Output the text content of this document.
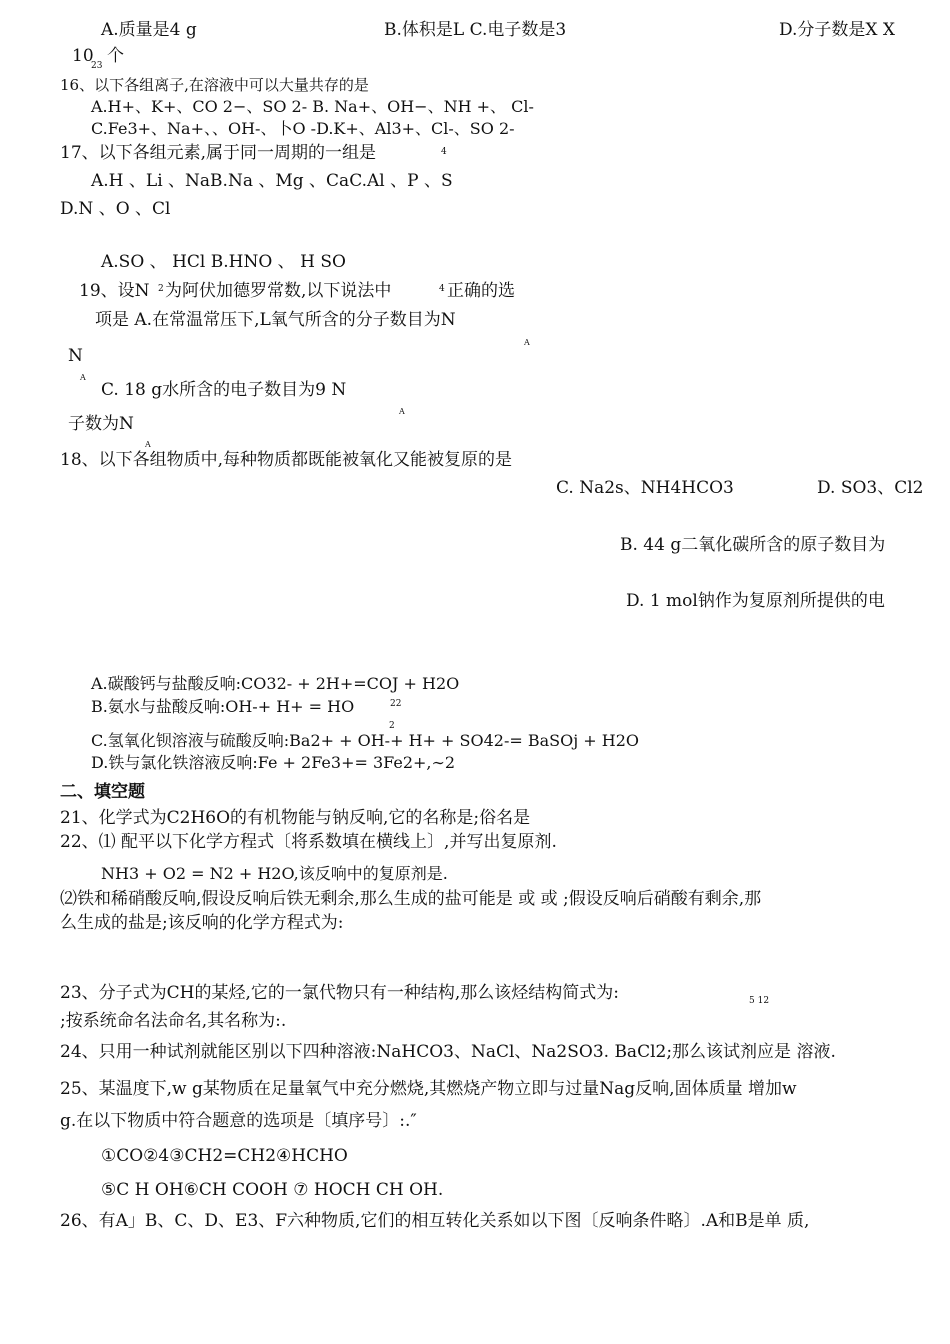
A.质量是4 g	B.体积是L C.电子数是3	D.分子数是X X
10
23 个
16、以下各组离子,在溶液中可以大量共存的是
A.H+、K+、CO 2−、SO 2- B. Na+、OH−、NH +、 Cl-
C.Fe3+、Na+、、OH-、卜O -D.K+、Al3+、Cl-、SO 2-
17、以下各组元素,属于同一周期的一组是	4
A.H 、Li 、NaB.Na 、Mg 、CaC.Al 、P 、S
D.N 、O 、Cl
A.SO 、 HCl B.HNO 、 H SO
19、设N 2 为阿伏加德罗常数,以下说法中	4 正确的选
项是 A.在常温常压下,L氧气所含的分子数目为N
A
N
A
C. 18 g水所含的电子数目为9 N
A
子数为N
A
18、以下各组物质中,每种物质都既能被氧化又能被复原的是
C. Na2s、NH4HCO3	D. SO3、Cl2
B. 44 g二氧化碳所含的原子数目为
D. 1 mol钠作为复原剂所提供的电
A.碳酸钙与盐酸反响:CO32- + 2H+=COJ + H2O
B.氨水与盐酸反响:OH-+ H+ = HO	22
2
C.氢氧化钡溶液与硫酸反响:Ba2+ + OH-+ H+ + SO42-= BaSOj + H2O
D.铁与氯化铁溶液反响:Fe + 2Fe3+= 3Fe2+,∼2
二、填空题
21、化学式为C2H6O的有机物能与钠反响,它的名称是;俗名是
22、⑴ 配平以下化学方程式〔将系数填在横线上〕,并写出复原剂.
NH3 + O2 = N2 + H2O,该反响中的复原剂是.
⑵铁和稀硝酸反响,假设反响后铁无剩余,那么生成的盐可能是 或 或 ;假设反响后硝酸有剩余,那
么生成的盐是;该反响的化学方程式为:
23、分子式为CH的某烃,它的一氯代物只有一种结构,那么该烃结构简式为:	5 12
;按系统命名法命名,其名称为:.
24、只用一种试剂就能区别以下四种溶液:NaHCO3、NaCl、Na2SO3. BaCl2;那么该试剂应是 溶液.
25、某温度下,w g某物质在足量氧气中充分燃烧,其燃烧产物立即与过量Nag反响,固体质量 增加w
g.在以下物质中符合题意的选项是〔填序号〕:.″
①CO②4③CH2=CH2④HCHO
⑤C H OH⑥CH COOH ⑦ HOCH CH OH.
26、有A」B、C、D、E3、F六种物质,它们的相互转化关系如以下图〔反响条件略〕.A和B是单 质,
